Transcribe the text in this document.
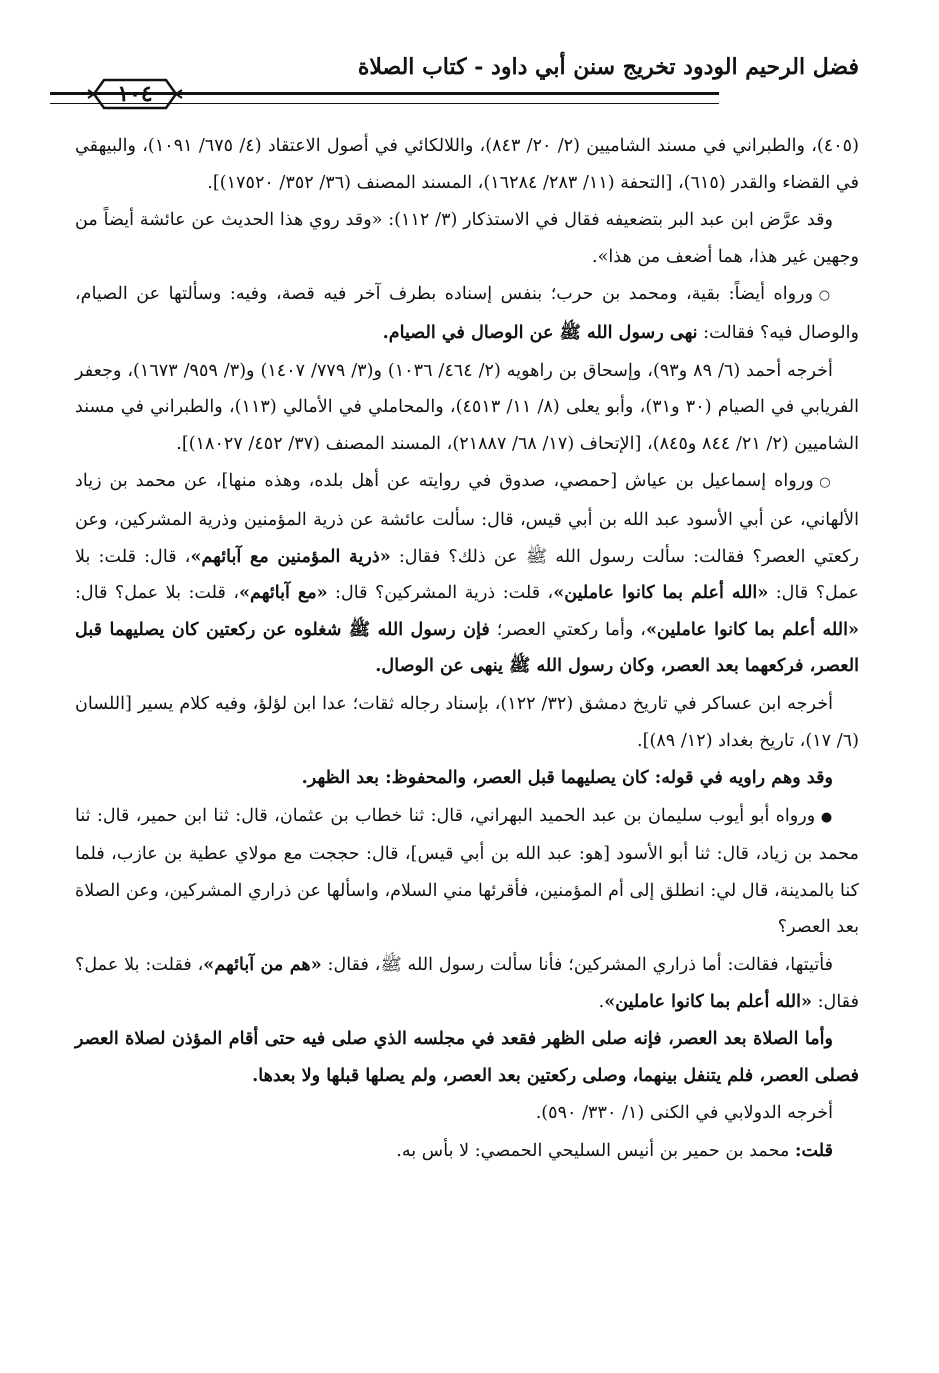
فضل الرحيم الودود تخريج سنن أبي داود - كتاب الصلاة
١٠٤

(٤٠٥)، والطبراني في مسند الشاميين (٢/ ٢٠/ ٨٤٣)، واللالكائي في أصول الاعتقاد (٤/ ٦٧٥/ ١٠٩١)، والبيهقي في القضاء والقدر (٦١٥)، [التحفة (١١/ ٢٨٣/ ١٦٢٨٤)، المسند المصنف (٣٦/ ٣٥٢/ ١٧٥٢٠)].

وقد عرَّض ابن عبد البر بتضعيفه فقال في الاستذكار (٣/ ١١٢): «وقد روي هذا الحديث عن عائشة أيضاً من وجهين غير هذا، هما أضعف من هذا».

○ ورواه أيضاً: بقية، ومحمد بن حرب؛ بنفس إسناده بطرف آخر فيه قصة، وفيه: وسألتها عن الصيام، والوصال فيه؟ فقالت: نهى رسول الله ﷺ عن الوصال في الصيام.

أخرجه أحمد (٦/ ٨٩ و٩٣)، وإسحاق بن راهويه (٢/ ٤٦٤/ ١٠٣٦) و(٣/ ٧٧٩/ ١٤٠٧) و(٣/ ٩٥٩/ ١٦٧٣)، وجعفر الفريابي في الصيام (٣٠ و٣١)، وأبو يعلى (٨/ ١١/ ٤٥١٣)، والمحاملي في الأمالي (١١٣)، والطبراني في مسند الشاميين (٢/ ٢١/ ٨٤٤ و٨٤٥)، [الإتحاف (١٧/ ٦٨/ ٢١٨٨٧)، المسند المصنف (٣٧/ ٤٥٢/ ١٨٠٢٧)].

○ ورواه إسماعيل بن عياش [حمصي، صدوق في روايته عن أهل بلده، وهذه منها]، عن محمد بن زياد الألهاني، عن أبي الأسود عبد الله بن أبي قيس، قال: سألت عائشة عن ذرية المؤمنين وذرية المشركين، وعن ركعتي العصر؟ فقالت: سألت رسول الله ﷺ عن ذلك؟ فقال: «ذرية المؤمنين مع آبائهم»، قال: قلت: بلا عمل؟ قال: «الله أعلم بما كانوا عاملين»، قلت: ذرية المشركين؟ قال: «مع آبائهم»، قلت: بلا عمل؟ قال: «الله أعلم بما كانوا عاملين»، وأما ركعتي العصر؛ فإن رسول الله ﷺ شغلوه عن ركعتين كان يصليهما قبل العصر، فركعهما بعد العصر، وكان رسول الله ﷺ ينهى عن الوصال.

أخرجه ابن عساكر في تاريخ دمشق (٣٢/ ١٢٢)، بإسناد رجاله ثقات؛ عدا ابن لؤلؤ، وفيه كلام يسير [اللسان (٦/ ١٧)، تاريخ بغداد (١٢/ ٨٩)].

وقد وهم راويه في قوله: كان يصليهما قبل العصر، والمحفوظ: بعد الظهر.

● ورواه أبو أيوب سليمان بن عبد الحميد البهراني، قال: ثنا خطاب بن عثمان، قال: ثنا ابن حمير، قال: ثنا محمد بن زياد، قال: ثنا أبو الأسود [هو: عبد الله بن أبي قيس]، قال: حججت مع مولاي عطية بن عازب، فلما كنا بالمدينة، قال لي: انطلق إلى أم المؤمنين، فأقرئها مني السلام، واسألها عن ذراري المشركين، وعن الصلاة بعد العصر؟

فأتيتها، فقالت: أما ذراري المشركين؛ فأنا سألت رسول الله ﷺ، فقال: «هم من آبائهم»، فقلت: بلا عمل؟ فقال: «الله أعلم بما كانوا عاملين».

وأما الصلاة بعد العصر، فإنه صلى الظهر فقعد في مجلسه الذي صلى فيه حتى أقام المؤذن لصلاة العصر فصلى العصر، فلم يتنفل بينهما، وصلى ركعتين بعد العصر، ولم يصلها قبلها ولا بعدها.

أخرجه الدولابي في الكنى (١/ ٣٣٠/ ٥٩٠).

قلت: محمد بن حمير بن أنيس السليحي الحمصي: لا بأس به.
